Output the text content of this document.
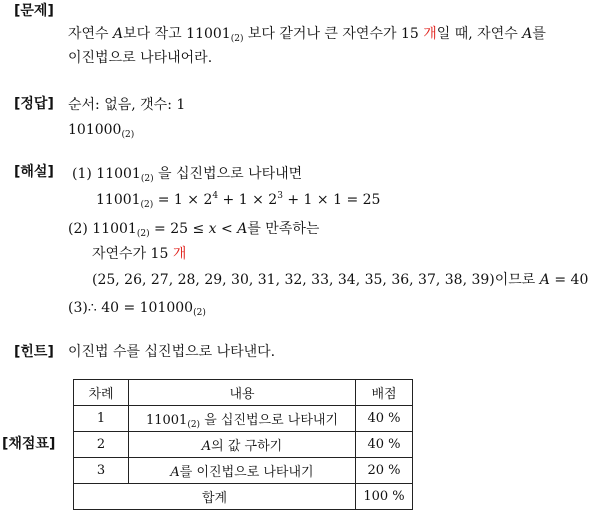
[문제]
자연수 A보다 작고 $11001_{(2)}$ 보다 같거나 큰 자연수가 15 개일 때, 자연수 A를
이진법으로 나타내어라.
[정답] 순서: 없음, 갯수: 1
$101000_{(2)}$
[해설] (1) $11001_{(2)}$ 을 십진법으로 나타내면
$11001_{(2)} = 1 \times 2^4 + 1 \times 2^3 + 1 \times 1 = 25$
(2) $11001_{(2)} = 25 \le x < A$를 만족하는
자연수가 15 개
(25, 26, 27, 28, 29, 30, 31, 32, 33, 34, 35, 36, 37, 38, 39)이므로 A = 40
(3)∴ $40 = 101000_{(2)}$
[힌트] 이진법 수를 십진법으로 나타낸다.
[채점표]
차례	내용	배점
1	$11001_{(2)}$ 을 십진법으로 나타내기	40 %
2	A의 값 구하기	40 %
3	A를 이진법으로 나타내기	20 %
합계		100 %
